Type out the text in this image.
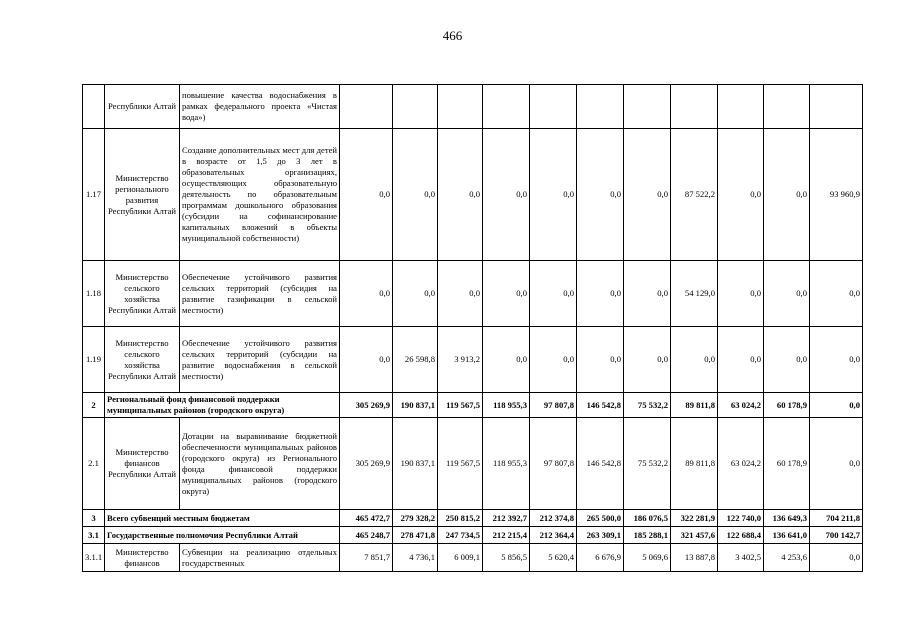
466
	Республики Алтай	повышение качества водоснабжения в рамках федерального проекта «Чистая вода»)											
1.17	Министерство регионального развития Республики Алтай	Создание дополнительных мест для детей в возрасте от 1,5 до 3 лет в образовательных организациях, осуществляющих образовательную деятельность по образовательным программам дошкольного образования (субсидии на софинансирование капитальных вложений в объекты муниципальной собственности)	0,0	0,0	0,0	0,0	0,0	0,0	0,0	87 522,2	0,0	0,0	93 960,9
1.18	Министерство сельского хозяйства Республики Алтай	Обеспечение устойчивого развития сельских территорий (субсидия на развитие газификации в сельской местности)	0,0	0,0	0,0	0,0	0,0	0,0	0,0	54 129,0	0,0	0,0	0,0
1.19	Министерство сельского хозяйства Республики Алтай	Обеспечение устойчивого развития сельских территорий (субсидии на развитие водоснабжения в сельской местности)	0,0	26 598,8	3 913,2	0,0	0,0	0,0	0,0	0,0	0,0	0,0	0,0
2	Региональный фонд финансовой поддержки муниципальных районов (городского округа)		305 269,9	190 837,1	119 567,5	118 955,3	97 807,8	146 542,8	75 532,2	89 811,8	63 024,2	60 178,9	0,0
2.1	Министерство финансов Республики Алтай	Дотации на выравнивание бюджетной обеспеченности муниципальных районов (городского округа) из Регионального фонда финансовой поддержки муниципальных районов (городского округа)	305 269,9	190 837,1	119 567,5	118 955,3	97 807,8	146 542,8	75 532,2	89 811,8	63 024,2	60 178,9	0,0
3	Всего субвенций местным бюджетам		465 472,7	279 328,2	250 815,2	212 392,7	212 374,8	265 500,0	186 076,5	322 281,9	122 740,0	136 649,3	704 211,8
3.1	Государственные полномочия Республики Алтай		465 248,7	278 471,8	247 734,5	212 215,4	212 364,4	263 309,1	185 288,1	321 457,6	122 688,4	136 641,0	700 142,7
3.1.1	Министерство финансов	Субвенции на реализацию отдельных государственных	7 851,7	4 736,1	6 009,1	5 856,5	5 620,4	6 676,9	5 069,6	13 887,8	3 402,5	4 253,6	0,0
